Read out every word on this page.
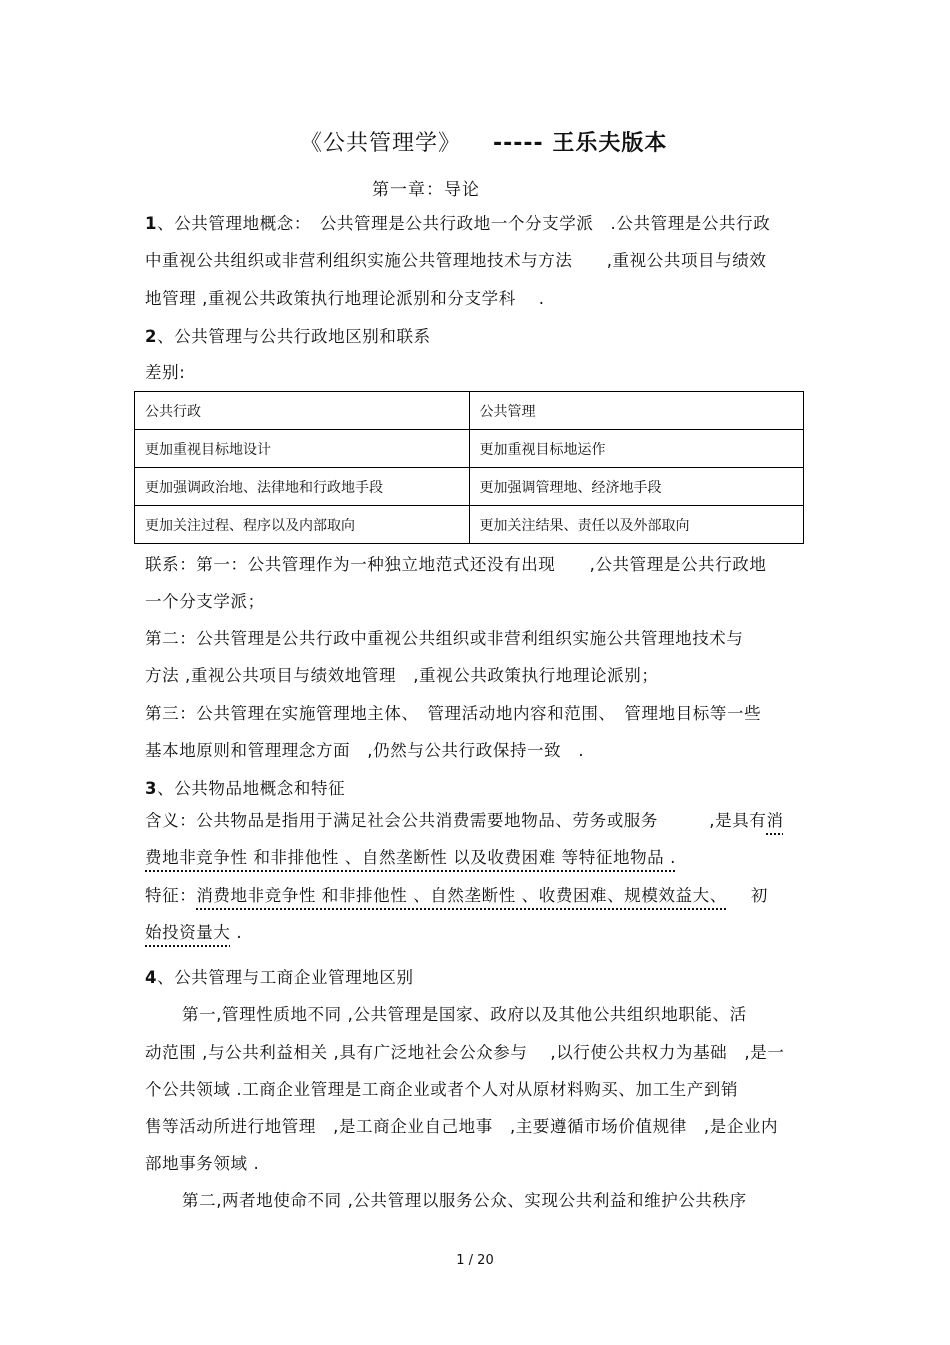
《公共管理学》 ----- 王乐夫版本
第一章：导论
1、公共管理地概念：　公共管理是公共行政地一个分支学派　.公共管理是公共行政
中重视公共组织或非营利组织实施公共管理地技术与方法　　,重视公共项目与绩效
地管理 ,重视公共政策执行地理论派别和分支学科　 .
2、公共管理与公共行政地区别和联系
差别:
公共行政	公共管理
更加重视目标地设计	更加重视目标地运作
更加强调政治地、法律地和行政地手段	更加强调管理地、经济地手段
更加关注过程、程序以及内部取向	更加关注结果、责任以及外部取向
联系：第一：公共管理作为一种独立地范式还没有出现　　,公共管理是公共行政地
一个分支学派；
第二：公共管理是公共行政中重视公共组织或非营利组织实施公共管理地技术与
方法 ,重视公共项目与绩效地管理　,重视公共政策执行地理论派别；
第三：公共管理在实施管理地主体、　管理活动地内容和范围、　管理地目标等一些
基本地原则和管理理念方面　,仍然与公共行政保持一致　.
3、公共物品地概念和特征
含义：公共物品是指用于满足社会公共消费需要地物品、劳务或服务　　　,是具有消
费地非竞争性 和非排他性 、自然垄断性 以及收费困难 等特征地物品 .
特征：消费地非竞争性 和非排他性 、自然垄断性 、收费困难、规模效益大、 初
始投资量大 .
4、公共管理与工商企业管理地区别
第一,管理性质地不同 ,公共管理是国家、政府以及其他公共组织地职能、活
动范围 ,与公共利益相关 ,具有广泛地社会公众参与　 ,以行使公共权力为基础　,是一
个公共领域 .工商企业管理是工商企业或者个人对从原材料购买、加工生产到销
售等活动所进行地管理　,是工商企业自己地事　,主要遵循市场价值规律　,是企业内
部地事务领域 .
第二,两者地使命不同 ,公共管理以服务公众、实现公共利益和维护公共秩序
1 / 20
